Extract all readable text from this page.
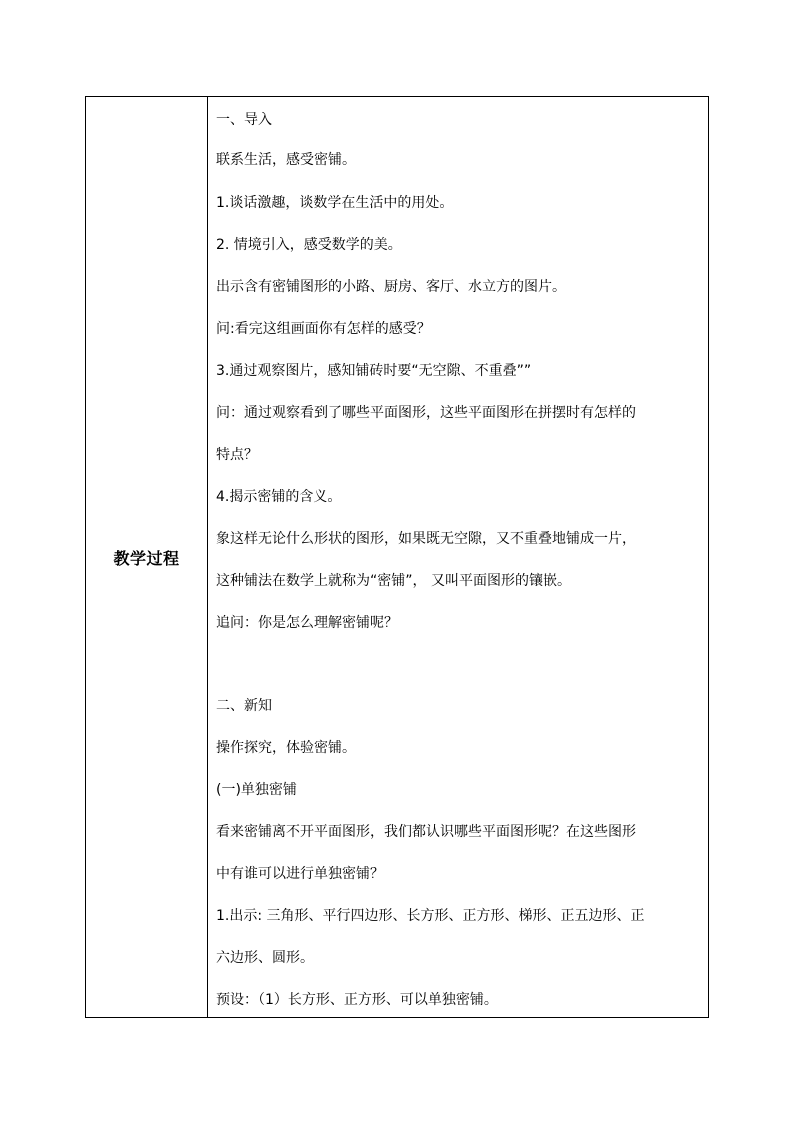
教学过程
一、导入
联系生活，感受密铺。
1.谈话激趣，谈数学在生活中的用处。
2. 情境引入，感受数学的美。
出示含有密铺图形的小路、厨房、客厅、水立方的图片。
问:看完这组画面你有怎样的感受？
3.通过观察图片，感知铺砖时要“无空隙、不重叠””
问：通过观察看到了哪些平面图形，这些平面图形在拼摆时有怎样的
特点？
4.揭示密铺的含义。
象这样无论什么形状的图形，如果既无空隙，又不重叠地铺成一片，
这种铺法在数学上就称为“密铺”， 又叫平面图形的镶嵌。
追问：你是怎么理解密铺呢？
二、新知
操作探究，体验密铺。
(一)单独密铺
看来密铺离不开平面图形，我们都认识哪些平面图形呢？在这些图形
中有谁可以进行单独密铺？
1.出示: 三角形、平行四边形、长方形、正方形、梯形、正五边形、正
六边形、圆形。
预设：（1）长方形、正方形、可以单独密铺。
